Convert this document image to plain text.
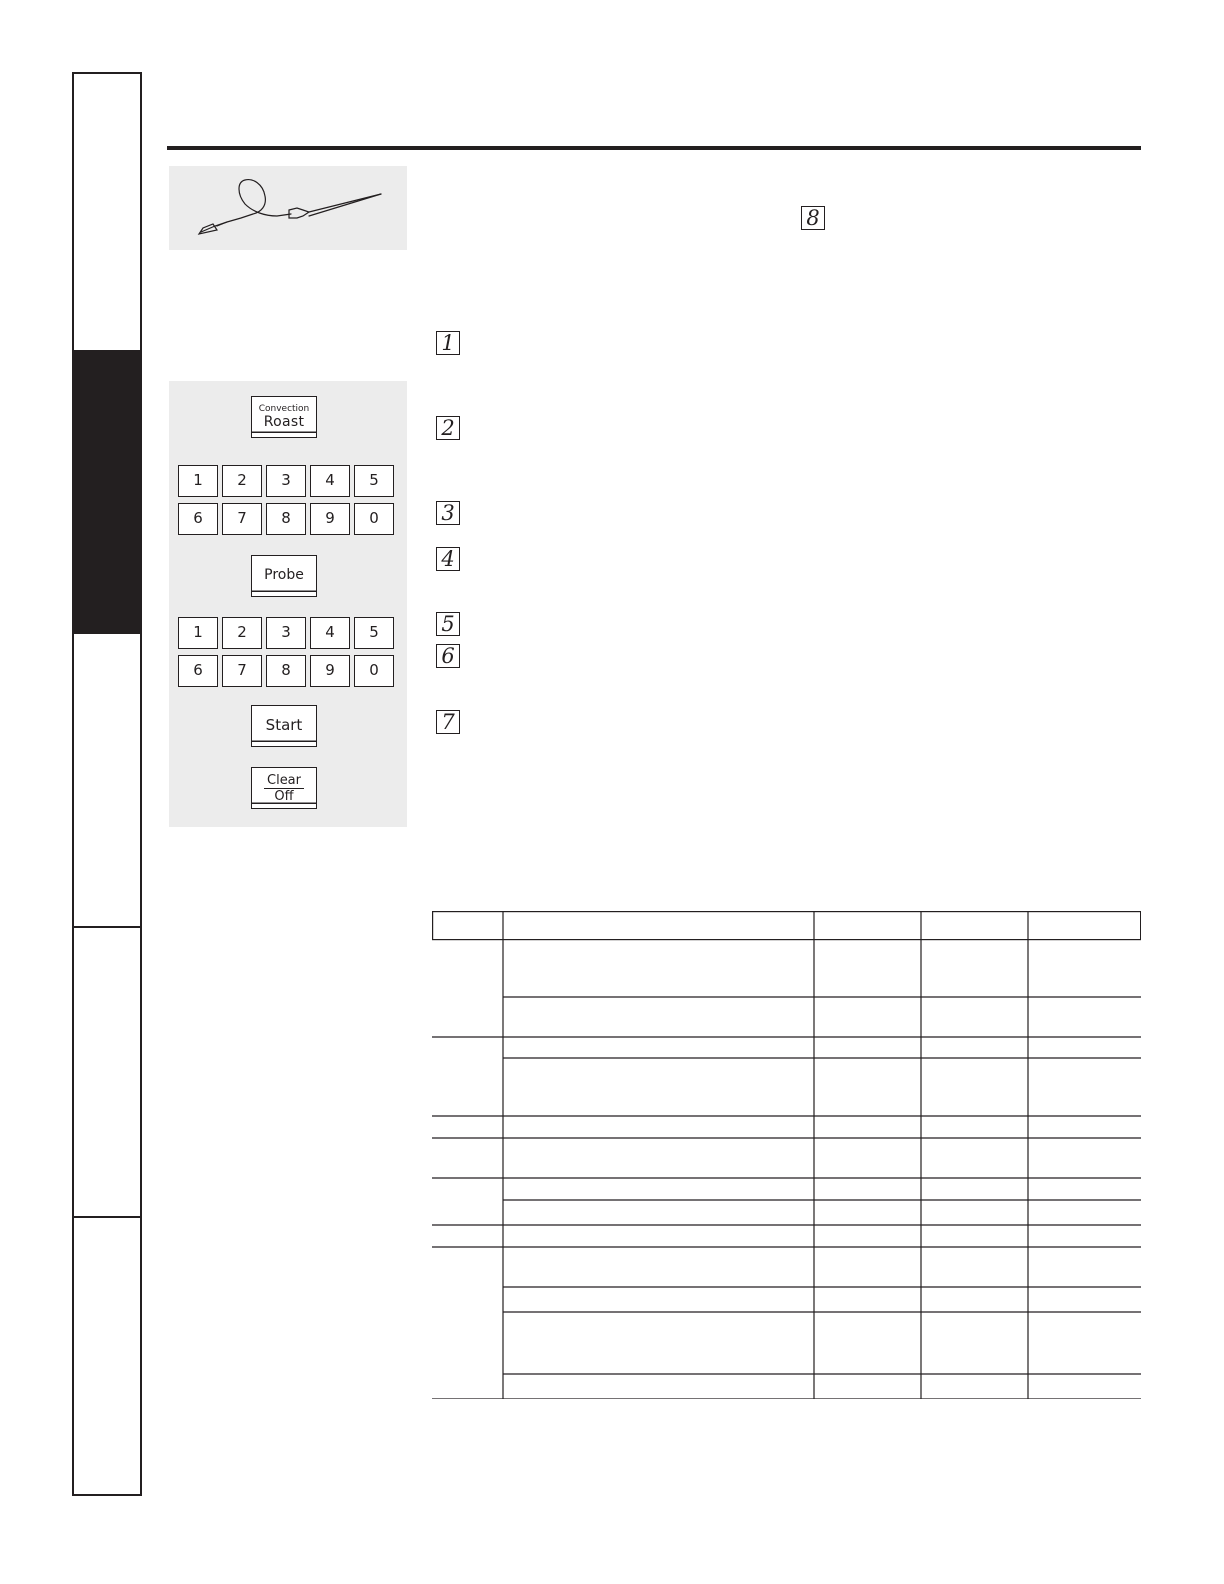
Convection
Roast
1	2	3	4	5
6	7	8	9	0
Probe
1	2	3	4	5
6	7	8	9	0
Start
Clear
Off
8
1
2
3
4
5
6
7
